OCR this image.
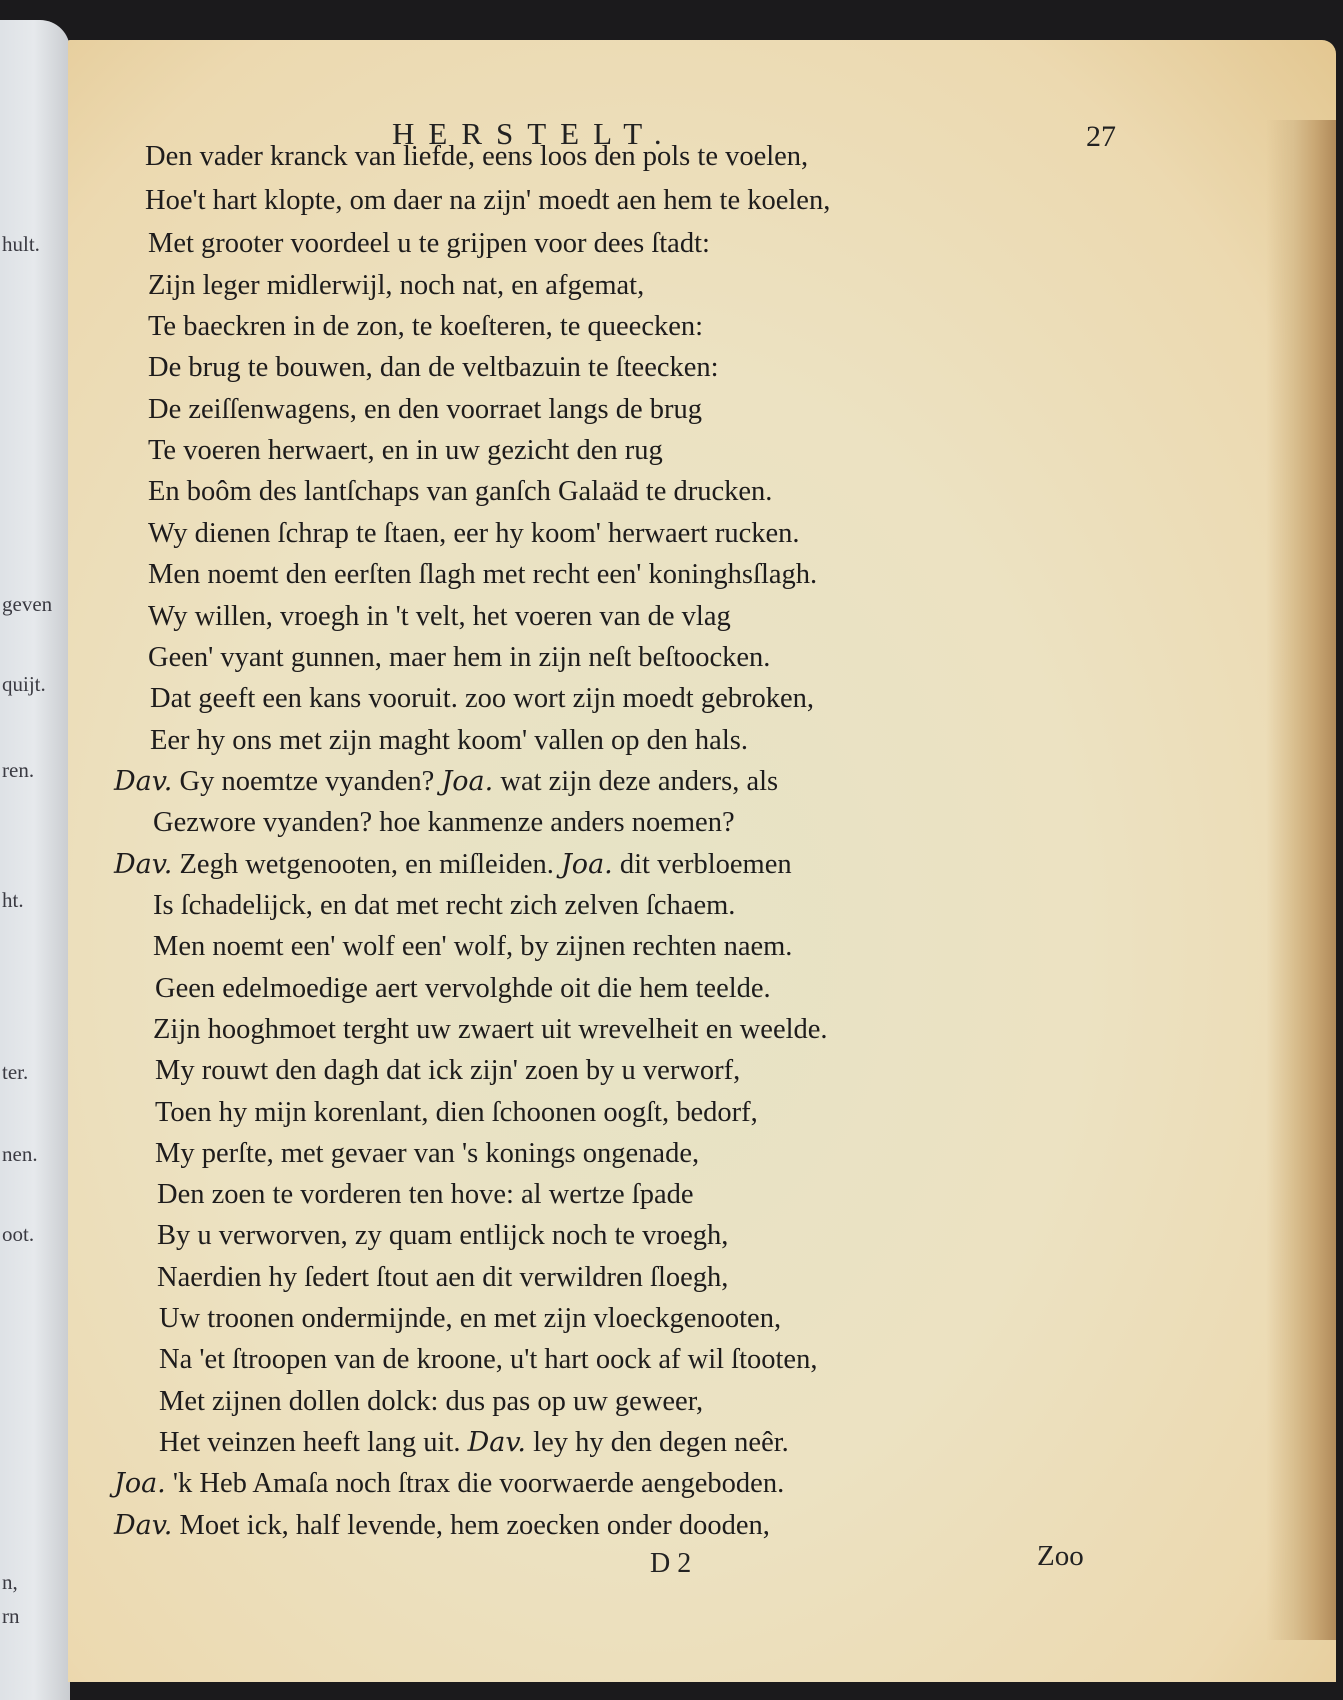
hult.
geven
quijt.
ren.
ht.
ter.
nen.
oot.
n,
rn
HERSTELT.	27
Den vader kranck van liefde, eens loos den pols te voelen,
Hoe't hart klopte, om daer na zijn' moedt aen hem te koelen,
Met grooter voordeel u te grijpen voor dees ſtadt:
Zijn leger midlerwijl, noch nat, en afgemat,
Te baeckren in de zon, te koeſteren, te queecken:
De brug te bouwen, dan de veltbazuin te ſteecken:
De zeiſſenwagens, en den voorraet langs de brug
Te voeren herwaert, en in uw gezicht den rug
En boôm des lantſchaps van ganſch Galaäd te drucken.
Wy dienen ſchrap te ſtaen, eer hy koom' herwaert rucken.
Men noemt den eerſten ſlagh met recht een' koninghsſlagh.
Wy willen, vroegh in 't velt, het voeren van de vlag
Geen' vyant gunnen, maer hem in zijn neſt beſtoocken.
Dat geeft een kans vooruit. zoo wort zijn moedt gebroken,
Eer hy ons met zijn maght koom' vallen op den hals.
Dav. Gy noemtze vyanden? Joa. wat zijn deze anders, als
Gezwore vyanden? hoe kanmenze anders noemen?
Dav. Zegh wetgenooten, en miſleiden. Joa. dit verbloemen
Is ſchadelijck, en dat met recht zich zelven ſchaem.
Men noemt een' wolf een' wolf, by zijnen rechten naem.
Geen edelmoedige aert vervolghde oit die hem teelde.
Zijn hooghmoet terght uw zwaert uit wrevelheit en weelde.
My rouwt den dagh dat ick zijn' zoen by u verworf,
Toen hy mijn korenlant, dien ſchoonen oogſt, bedorf,
My perſte, met gevaer van 's konings ongenade,
Den zoen te vorderen ten hove: al wertze ſpade
By u verworven, zy quam entlijck noch te vroegh,
Naerdien hy ſedert ſtout aen dit verwildren ſloegh,
Uw troonen ondermijnde, en met zijn vloeckgenooten,
Na 'et ſtroopen van de kroone, u't hart oock af wil ſtooten,
Met zijnen dollen dolck: dus pas op uw geweer,
Het veinzen heeft lang uit. Dav. ley hy den degen neêr.
Joa. 'k Heb Amaſa noch ſtrax die voorwaerde aengeboden.
Dav. Moet ick, half levende, hem zoecken onder dooden,
D 2	Zoo
